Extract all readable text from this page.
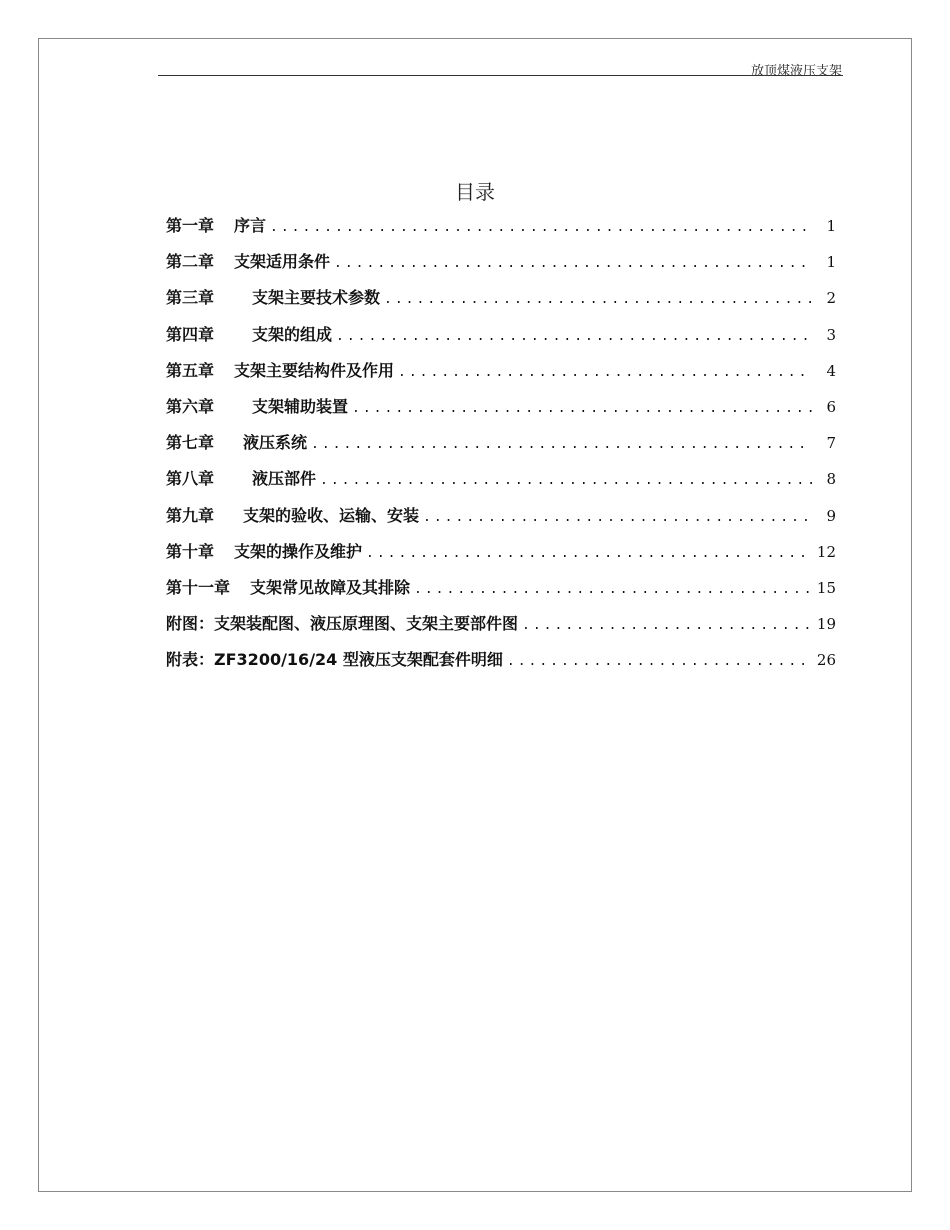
放顶煤液压支架
目录
第一章 序言 .....	1
第二章 支架适用条件 .....	1
第三章 支架主要技术参数 .....	2
第四章 支架的组成 .....	3
第五章 支架主要结构件及作用 .....	4
第六章 支架辅助装置 .....	6
第七章 液压系统 .....	7
第八章 液压部件 .....	8
第九章 支架的验收、运输、安装 .....	9
第十章 支架的操作及维护 .....	12
第十一章 支架常见故障及其排除 .....	15
附图： 支架装配图、液压原理图、支架主要部件图 .....	19
附表： ZF3200/16/24 型液压支架配套件明细 .....	26
